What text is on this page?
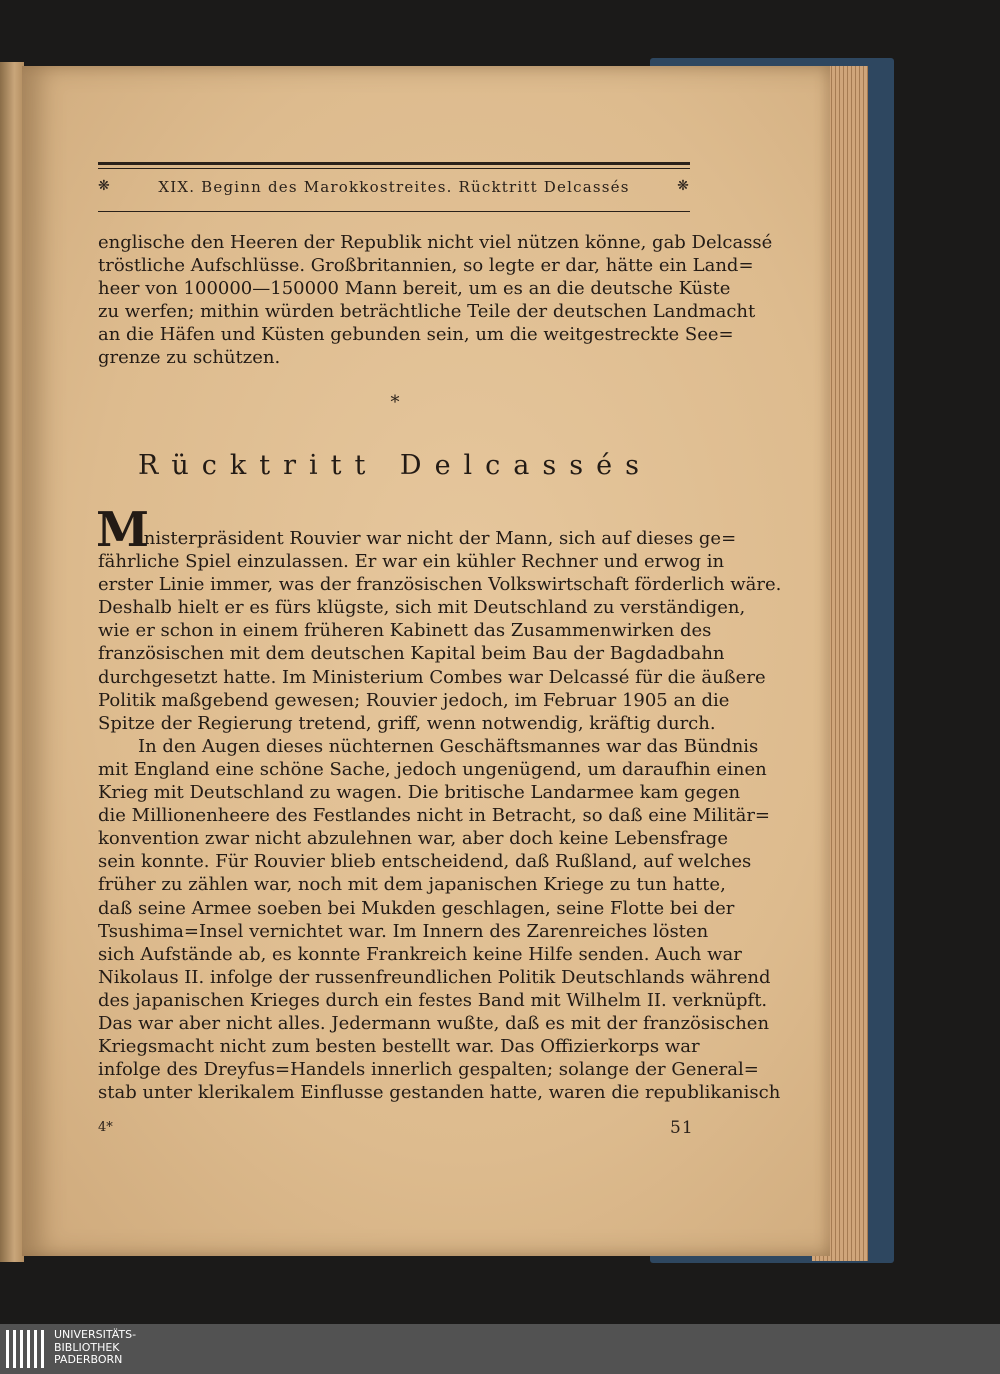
❋	XIX. Beginn des Marokkostreites. Rücktritt Delcassés	❋
englische den Heeren der Republik nicht viel nützen könne, gab Delcassé
tröstliche Aufschlüsse. Großbritannien, so legte er dar, hätte ein Land=
heer von 100000—150000 Mann bereit, um es an die deutsche Küste
zu werfen; mithin würden beträchtliche Teile der deutschen Landmacht
an die Häfen und Küsten gebunden sein, um die weitgestreckte See=
grenze zu schützen.
*
Rücktritt Delcassés
M
inisterpräsident Rouvier war nicht der Mann, sich auf dieses ge=
fährliche Spiel einzulassen. Er war ein kühler Rechner und erwog in
erster Linie immer, was der französischen Volkswirtschaft förderlich wäre.
Deshalb hielt er es fürs klügste, sich mit Deutschland zu verständigen,
wie er schon in einem früheren Kabinett das Zusammenwirken des
französischen mit dem deutschen Kapital beim Bau der Bagdadbahn
durchgesetzt hatte. Im Ministerium Combes war Delcassé für die äußere
Politik maßgebend gewesen; Rouvier jedoch, im Februar 1905 an die
Spitze der Regierung tretend, griff, wenn notwendig, kräftig durch.
In den Augen dieses nüchternen Geschäftsmannes war das Bündnis
mit England eine schöne Sache, jedoch ungenügend, um daraufhin einen
Krieg mit Deutschland zu wagen. Die britische Landarmee kam gegen
die Millionenheere des Festlandes nicht in Betracht, so daß eine Militär=
konvention zwar nicht abzulehnen war, aber doch keine Lebensfrage
sein konnte. Für Rouvier blieb entscheidend, daß Rußland, auf welches
früher zu zählen war, noch mit dem japanischen Kriege zu tun hatte,
daß seine Armee soeben bei Mukden geschlagen, seine Flotte bei der
Tsushima=Insel vernichtet war. Im Innern des Zarenreiches lösten
sich Aufstände ab, es konnte Frankreich keine Hilfe senden. Auch war
Nikolaus II. infolge der russenfreundlichen Politik Deutschlands während
des japanischen Krieges durch ein festes Band mit Wilhelm II. verknüpft.
Das war aber nicht alles. Jedermann wußte, daß es mit der französischen
Kriegsmacht nicht zum besten bestellt war. Das Offizierkorps war
infolge des Dreyfus=Handels innerlich gespalten; solange der General=
stab unter klerikalem Einflusse gestanden hatte, waren die republikanisch
4*	51
UNIVERSITÄTS-
BIBLIOTHEK
PADERBORN
